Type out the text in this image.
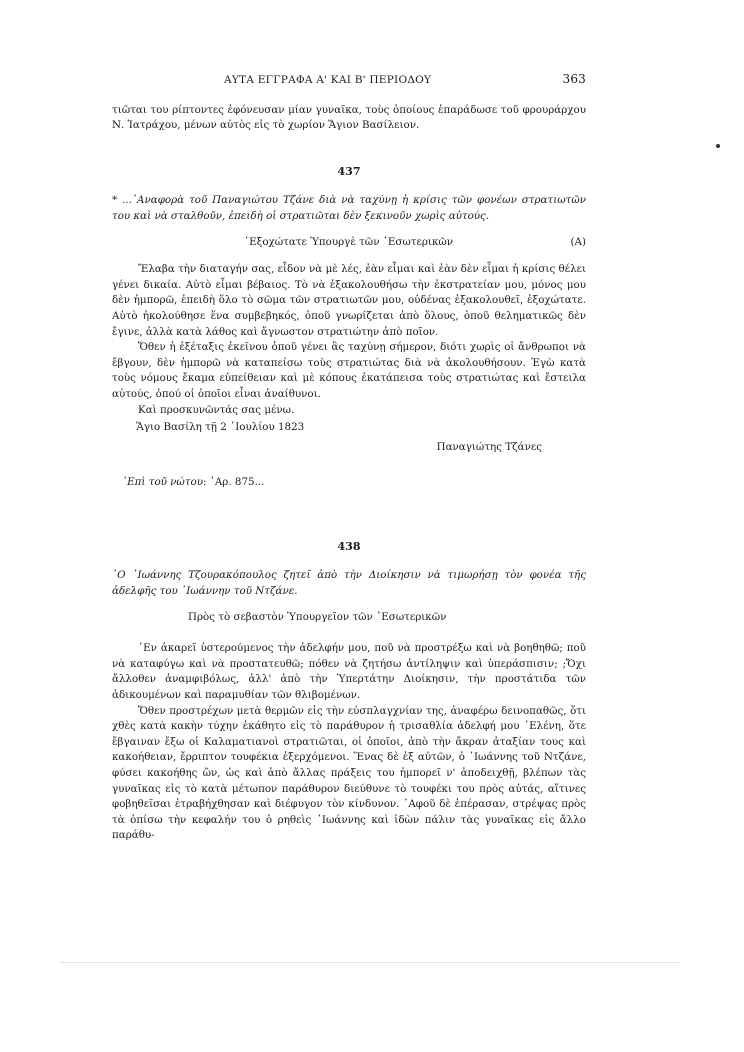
ΑΥΤΑ ΕΓΓΡΑΦΑ Α' ΚΑΙ Β' ΠΕΡΙΟΔΟΥ	363

τιῶται του ρίπτοντες ἐφόνευσαν μίαν γυναῖκα, τοὺς ὁποίους ἐπαράδωσε τοῦ φρουράρχου Ν. Ἰατράχου, μένων αὐτὸς εἰς τὸ χωρίον Ἅγιον Βασίλειον.

437

* ...᾿Αναφορὰ τοῦ Παναγιώτου Τζάνε διὰ νὰ ταχύνῃ ἡ κρίσις τῶν φονέων στρατιωτῶν του καὶ νὰ σταλθοῦν, ἐπειδὴ οἱ στρατιῶται δὲν ξεκινοῦν χωρὶς αὐτούς.

᾿Εξοχώτατε Ὑπουργὲ τῶν ᾿Εσωτερικῶν	(Α)

Ἔλαβα τὴν διαταγήν σας, εἶδον νὰ μὲ λές, ἐὰν εἶμαι καὶ ἐὰν δὲν εἶμαι ἡ κρίσις θέλει γένει δικαία. Αὐτὸ εἶμαι βέβαιος. Τὸ νὰ ἐξακολουθήσω τὴν ἐκστρατείαν μου, μόνος μου δὲν ἠμπορῶ, ἐπειδὴ ὅλο τὸ σῶμα τῶν στρατιωτῶν μου, οὐδένας ἐξακολουθεῖ, ἐξοχώτατε. Αὐτὸ ἠκολούθησε ἕνα συμβεβηκός, ὁποῦ γνωρίζεται ἀπὸ ὅλους, ὁποῦ θεληματικῶς δὲν ἔγινε, ἀλλὰ κατὰ λάθος καὶ ἄγνωστον στρατιώτην ἀπὸ ποῖον.

Ὅθεν ἡ ἐξέταξις ἐκεῖνου ὁποῦ γένει ἂς ταχύνῃ σήμερον, διότι χωρὶς οἱ ἄνθρωποι νὰ ἔβγουν, δὲν ἠμπορῶ νὰ καταπείσω τοὺς στρατιώτας διὰ νὰ ἀκολουθήσουν. Ἐγὼ κατὰ τοὺς νόμους ἔκαμα εὐπείθειαν καὶ μὲ κόπους ἐκατάπεισα τοὺς στρατιώτας καὶ ἔστειλα αὐτούς, ὁπού οἱ ὁποῖοι εἶναι ἀναίθυνοι.

Καὶ προσκυνῶντάς σας μένω.

Ἅγιο Βασίλη τῇ 2 ᾿Ιουλίου 1823

Παναγιώτης Τζάνες

᾿Επὶ τοῦ νώτου: ᾿Αρ. 875...

438

῾Ο ᾿Ιωάννης Τζουρακόπουλος ζητεῖ ἀπὸ τὴν Διοίκησιν νὰ τιμωρήσῃ τὸν φονέα τῆς ἀδελφῆς του ᾿Ιωάννην τοῦ Ντζάνε.

Πρὸς τὸ σεβαστὸν Ὑπουργεῖον τῶν ᾿Εσωτερικῶν

᾿Εν ἀκαρεῖ ὑστερούμενος τὴν ἀδελφήν μου, ποῦ νὰ προστρέξω καὶ νὰ βοηθηθῶ; ποῦ νὰ καταφύγω καὶ νὰ προστατευθῶ; πόθεν νὰ ζητήσω ἀντίληψιν καὶ ὑπεράσπισιν; ;Ὄχι ἄλλοθεν ἀναμφιβόλως, ἀλλ' ἀπὸ τὴν Ὑπερτάτην Διοίκησιν, τὴν προστάτιδα τῶν ἀδικουμένων καὶ παραμυθίαν τῶν θλιβομένων.

Ὅθεν προστρέχων μετὰ θερμῶν εἰς τὴν εὐσπλαγχνίαν της, ἀναφέρω δεινοπαθῶς, ὅτι χθὲς κατὰ κακὴν τύχην ἐκάθητο εἰς τὸ παράθυρον ἡ τρισαθλία ἀδελφή μου ᾿Ελένη, ὅτε ἔβγαιναν ἔξω οἱ Καλαματιανοὶ στρατιῶται, οἱ ὁποῖοι, ἀπὸ τὴν ἄκραν ἀταξίαν τους καὶ κακοήθειαν, ἔρριπτον τουφέκια ἐξερχόμενοι. Ἕνας δὲ ἐξ αὐτῶν, ὁ ᾿Ιωάννης τοῦ Ντζάνε, φύσει κακοήθης ὤν, ὡς καὶ ἀπὸ ἄλλας πράξεις του ἠμπορεῖ ν' ἀποδειχθῇ, βλέπων τὰς γυναῖκας εἰς τὸ κατὰ μέτωπον παράθυρον διεύθυνε τὸ τουφέκι του πρὸς αὐτάς, αἵτινες φοβηθεῖσαι ἐτραβήχθησαν καὶ διέφυγον τὸν κίνδυνον. ᾿Αφοῦ δὲ ἐπέρασαν, στρέψας πρὸς τὰ ὀπίσω τὴν κεφαλήν του ὁ ρηθεὶς ᾿Ιωάννης καὶ ἰδὼν πάλιν τὰς γυναῖκας εἰς ἄλλο παράθυ-
